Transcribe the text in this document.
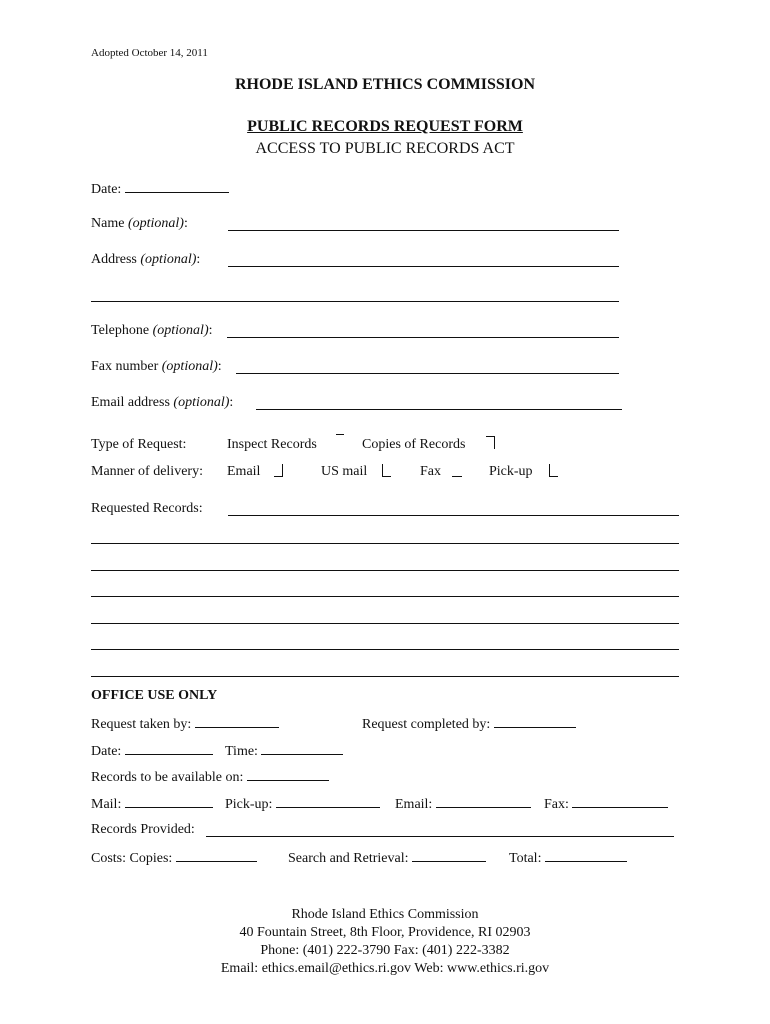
Adopted October 14, 2011
RHODE ISLAND ETHICS COMMISSION
PUBLIC RECORDS REQUEST FORM
ACCESS TO PUBLIC RECORDS ACT
Date:
Name (optional):
Address (optional):
Telephone (optional):
Fax number (optional):
Email address (optional):
Type of Request:	Inspect Records	Copies of Records
Manner of delivery: Email	US mail	Fax	Pick-up
Requested Records:
OFFICE USE ONLY
Request taken by:	Request completed by:
Date:	Time:
Records to be available on:
Mail:	Pick-up:	Email:	Fax:
Records Provided:
Costs: Copies:	Search and Retrieval:	Total:
Rhode Island Ethics Commission
40 Fountain Street, 8th Floor, Providence, RI 02903
Phone: (401) 222-3790 Fax: (401) 222-3382
Email: ethics.email@ethics.ri.gov Web: www.ethics.ri.gov
